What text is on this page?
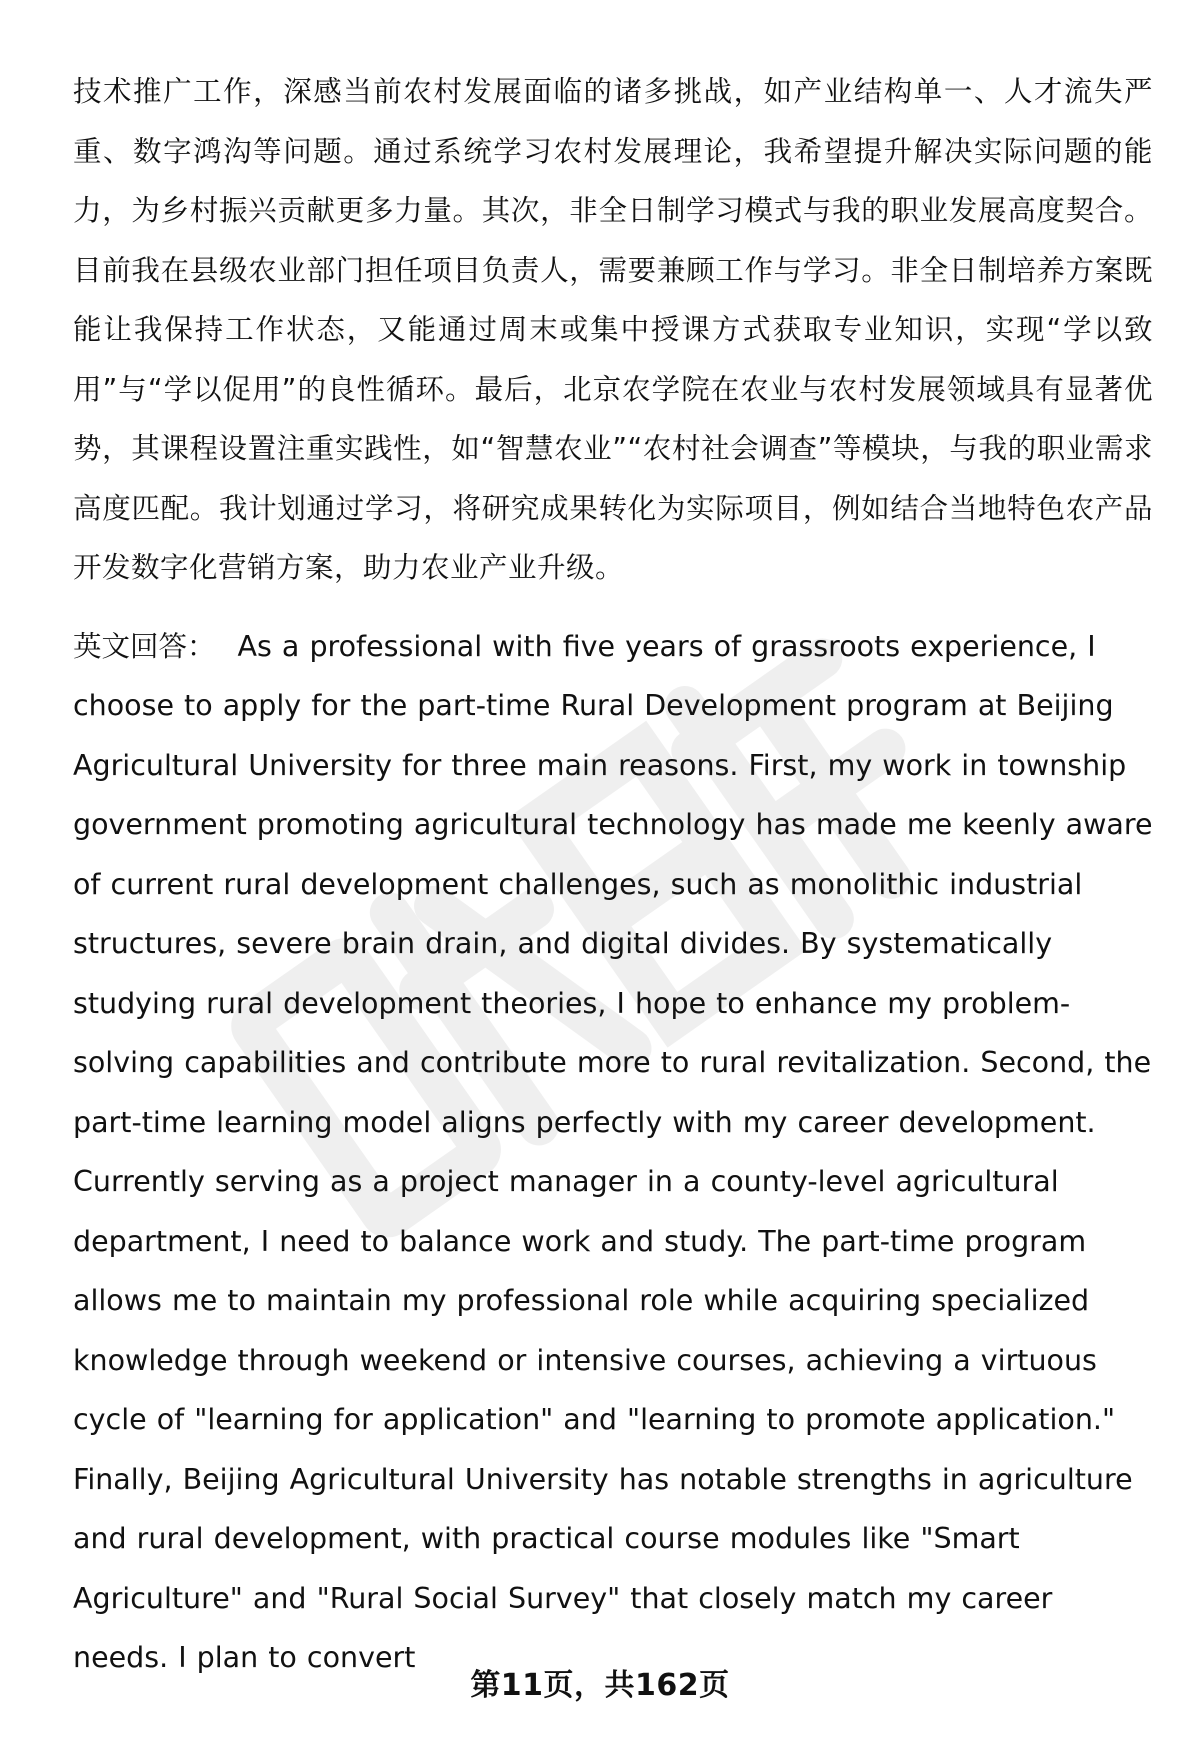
技术推广工作，深感当前农村发展面临的诸多挑战，如产业结构单一、人才流失严重、数字鸿沟等问题。通过系统学习农村发展理论，我希望提升解决实际问题的能力，为乡村振兴贡献更多力量。其次，非全日制学习模式与我的职业发展高度契合。目前我在县级农业部门担任项目负责人，需要兼顾工作与学习。非全日制培养方案既能让我保持工作状态，又能通过周末或集中授课方式获取专业知识，实现“学以致用”与“学以促用”的良性循环。最后，北京农学院在农业与农村发展领域具有显著优势，其课程设置注重实践性，如“智慧农业”“农村社会调查”等模块，与我的职业需求高度匹配。我计划通过学习，将研究成果转化为实际项目，例如结合当地特色农产品开发数字化营销方案，助力农业产业升级。

英文回答： As a professional with five years of grassroots experience, I choose to apply for the part-time Rural Development program at Beijing Agricultural University for three main reasons. First, my work in township government promoting agricultural technology has made me keenly aware of current rural development challenges, such as monolithic industrial structures, severe brain drain, and digital divides. By systematically studying rural development theories, I hope to enhance my problem-solving capabilities and contribute more to rural revitalization. Second, the part-time learning model aligns perfectly with my career development. Currently serving as a project manager in a county-level agricultural department, I need to balance work and study. The part-time program allows me to maintain my professional role while acquiring specialized knowledge through weekend or intensive courses, achieving a virtuous cycle of "learning for application" and "learning to promote application." Finally, Beijing Agricultural University has notable strengths in agriculture and rural development, with practical course modules like "Smart Agriculture" and "Rural Social Survey" that closely match my career needs. I plan to convert

第11页，共162页
